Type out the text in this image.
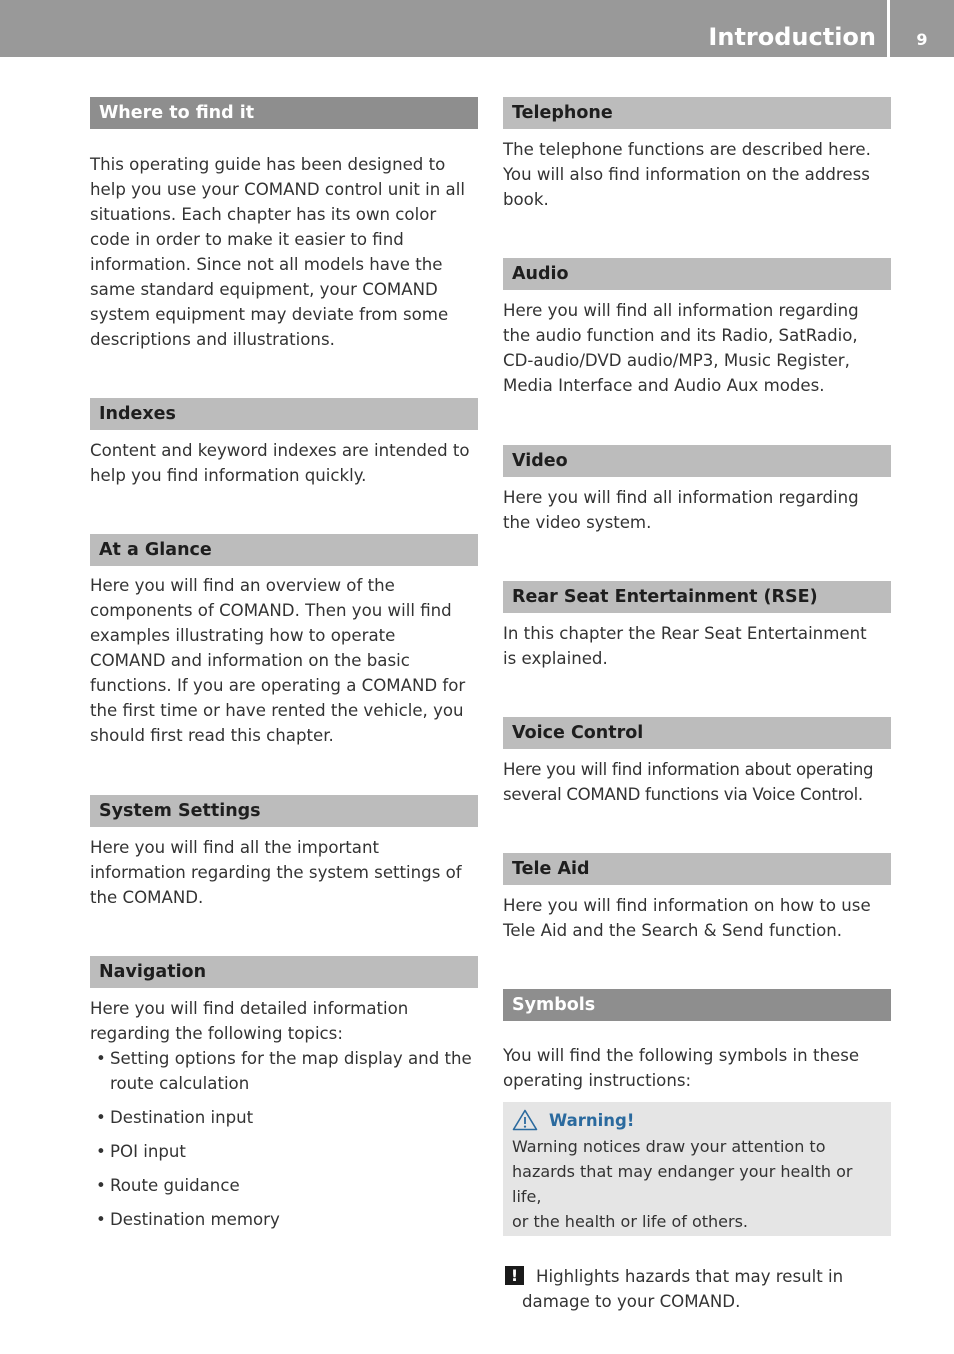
Introduction	9
Where to find it
This operating guide has been designed to
help you use your COMAND control unit in all
situations. Each chapter has its own color
code in order to make it easier to find
information. Since not all models have the
same standard equipment, your COMAND
system equipment may deviate from some
descriptions and illustrations.
Indexes
Content and keyword indexes are intended to
help you find information quickly.
At a Glance
Here you will find an overview of the
components of COMAND. Then you will find
examples illustrating how to operate
COMAND and information on the basic
functions. If you are operating a COMAND for
the first time or have rented the vehicle, you
should first read this chapter.
System Settings
Here you will find all the important
information regarding the system settings of
the COMAND.
Navigation
Here you will find detailed information
regarding the following topics:
• Setting options for the map display and the
route calculation
• Destination input
• POI input
• Route guidance
• Destination memory
Telephone
The telephone functions are described here.
You will also find information on the address
book.
Audio
Here you will find all information regarding
the audio function and its Radio, SatRadio,
CD-audio/DVD audio/MP3, Music Register,
Media Interface and Audio Aux modes.
Video
Here you will find all information regarding
the video system.
Rear Seat Entertainment (RSE)
In this chapter the Rear Seat Entertainment
is explained.
Voice Control
Here you will find information about operating
several COMAND functions via Voice Control.
Tele Aid
Here you will find information on how to use
Tele Aid and the Search & Send function.
Symbols
You will find the following symbols in these
operating instructions:
Warning!
Warning notices draw your attention to
hazards that may endanger your health or life,
or the health or life of others.
!	Highlights hazards that may result in
damage to your COMAND.
